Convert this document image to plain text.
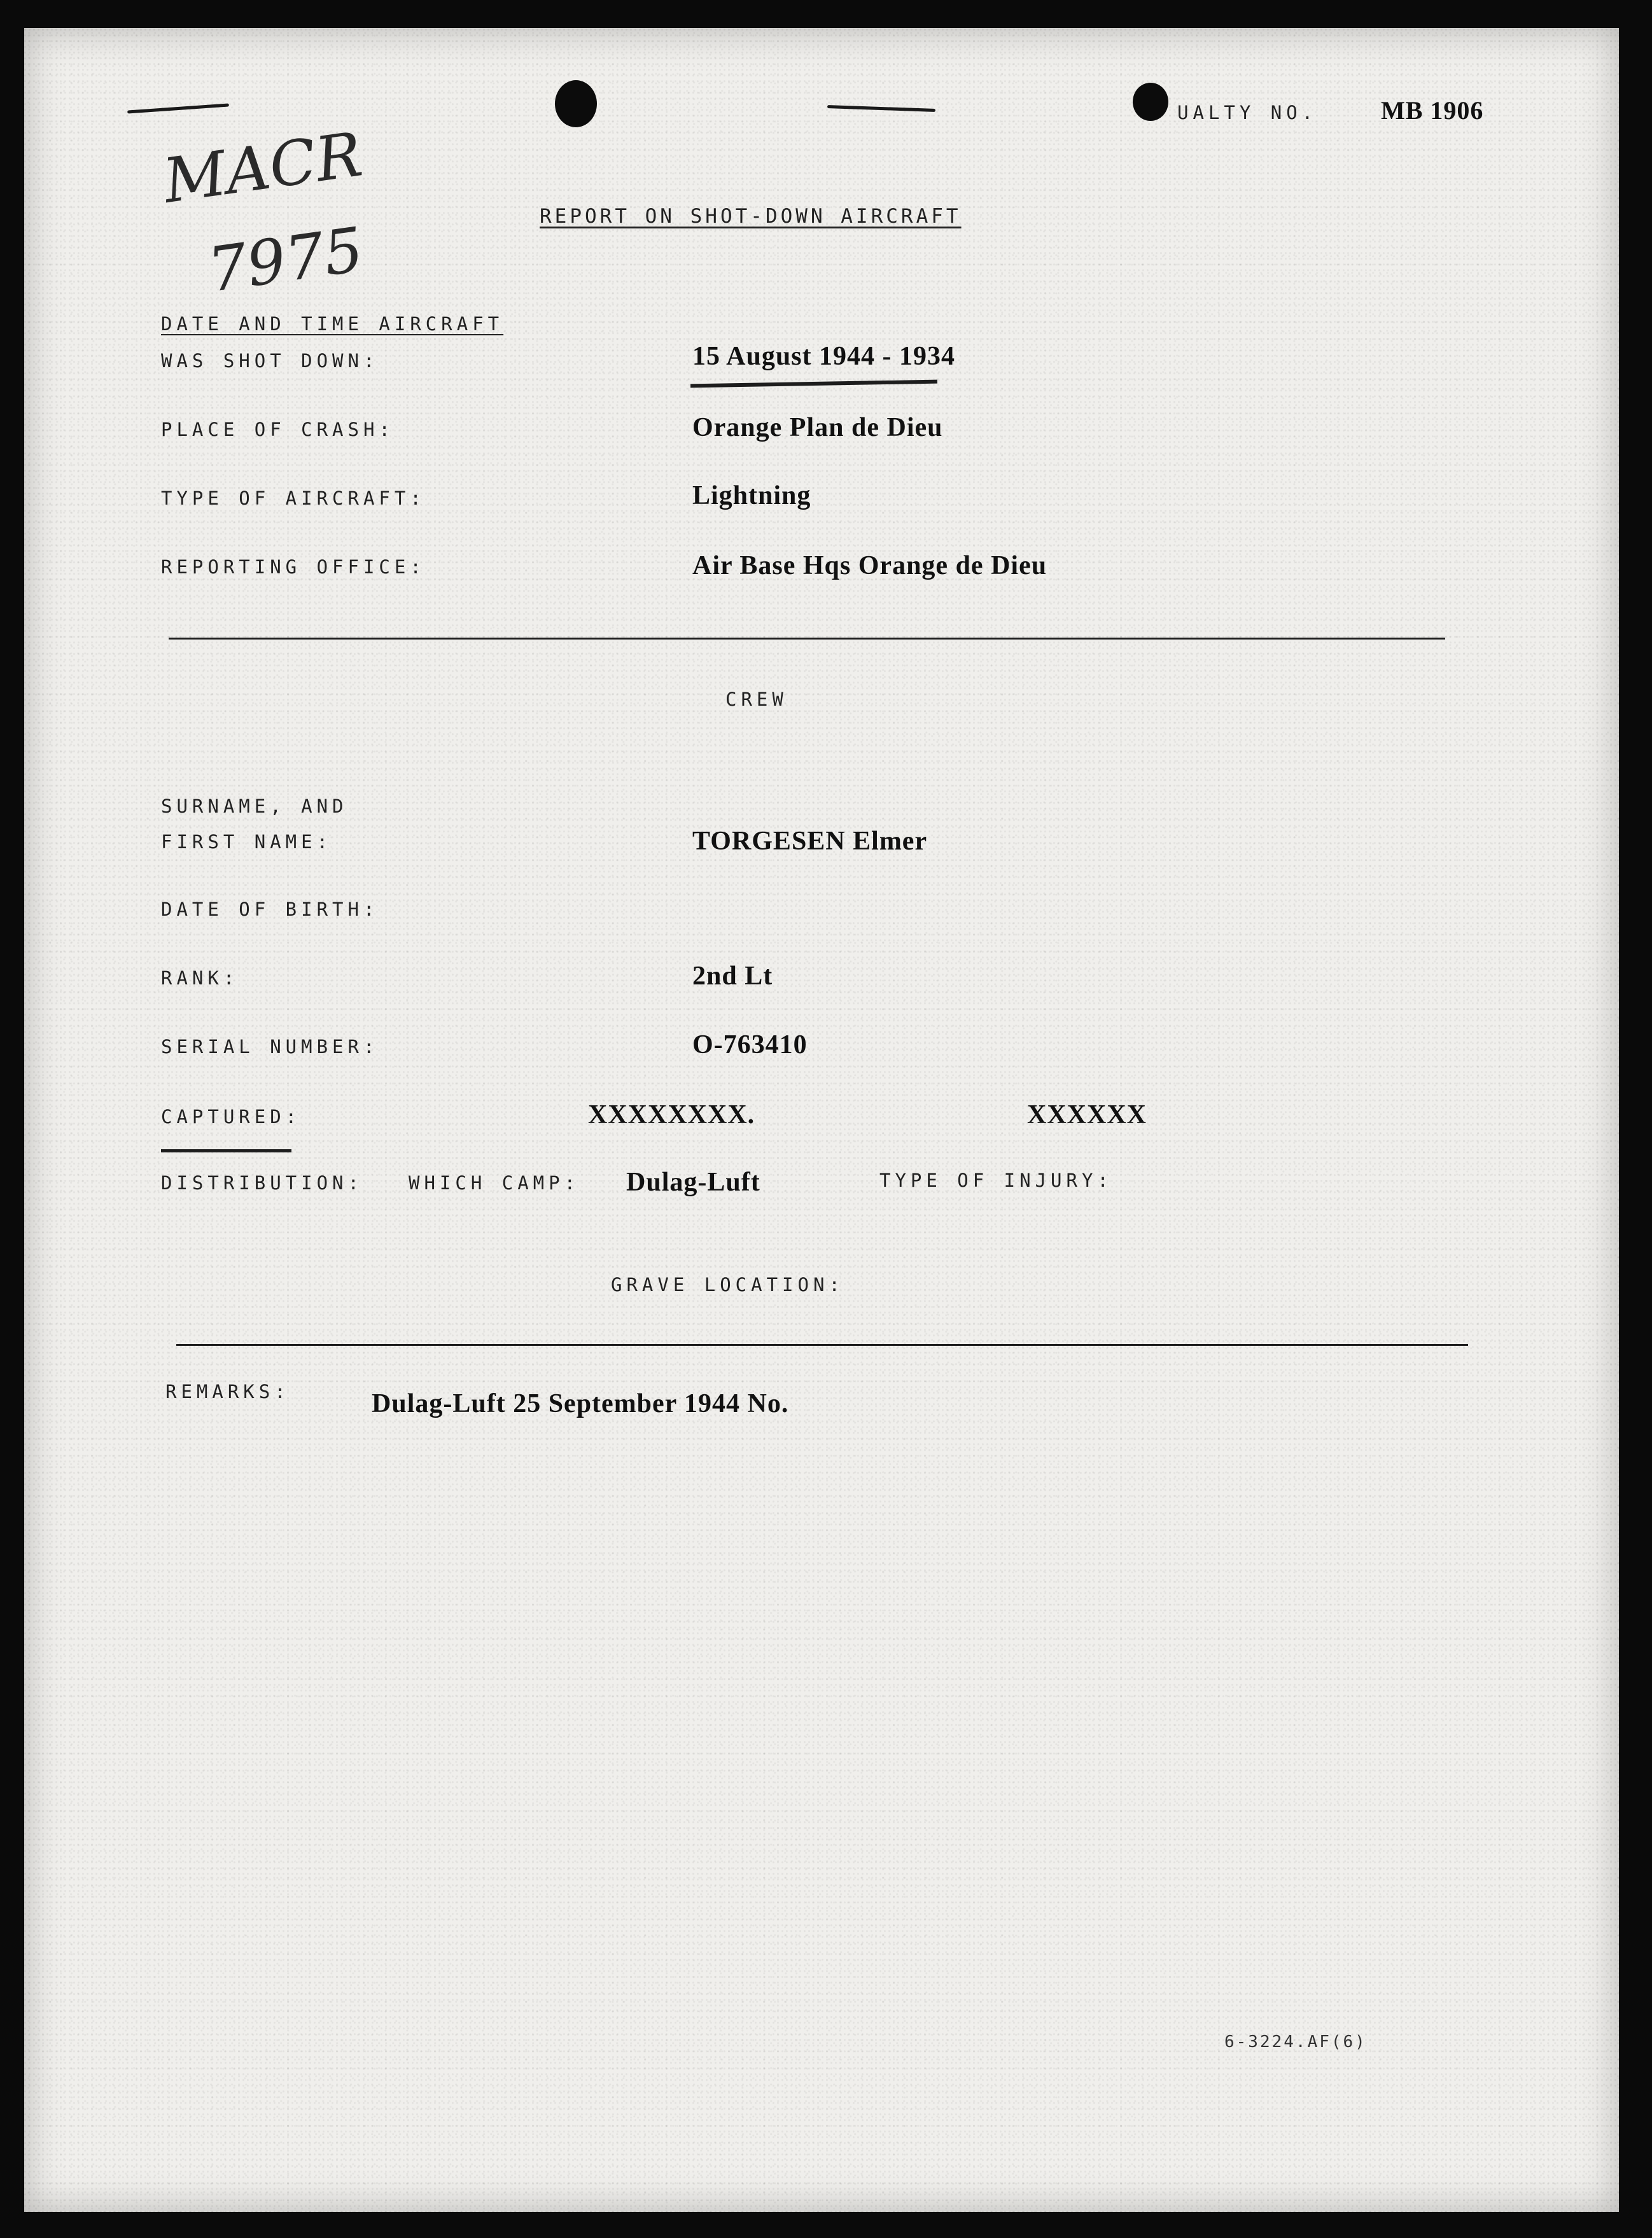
UALTY NO. MB 1906
MACR
7975	REPORT ON SHOT-DOWN AIRCRAFT
DATE AND TIME AIRCRAFT
WAS SHOT DOWN:	15 August 1944 - 1934
PLACE OF CRASH:	Orange Plan de Dieu
TYPE OF AIRCRAFT:	Lightning
REPORTING OFFICE:	Air Base Hqs Orange de Dieu
CREW
SURNAME, AND
FIRST NAME:	TORGESEN Elmer
DATE OF BIRTH:
RANK:	2nd Lt
SERIAL NUMBER:	O-763410
CAPTURED:	XXXXXXXX.	XXXXXX
DISTRIBUTION: WHICH CAMP: Dulag-Luft	TYPE OF INJURY:
GRAVE LOCATION:
REMARKS:	Dulag-Luft 25 September 1944 No.
6-3224.AF(6)
